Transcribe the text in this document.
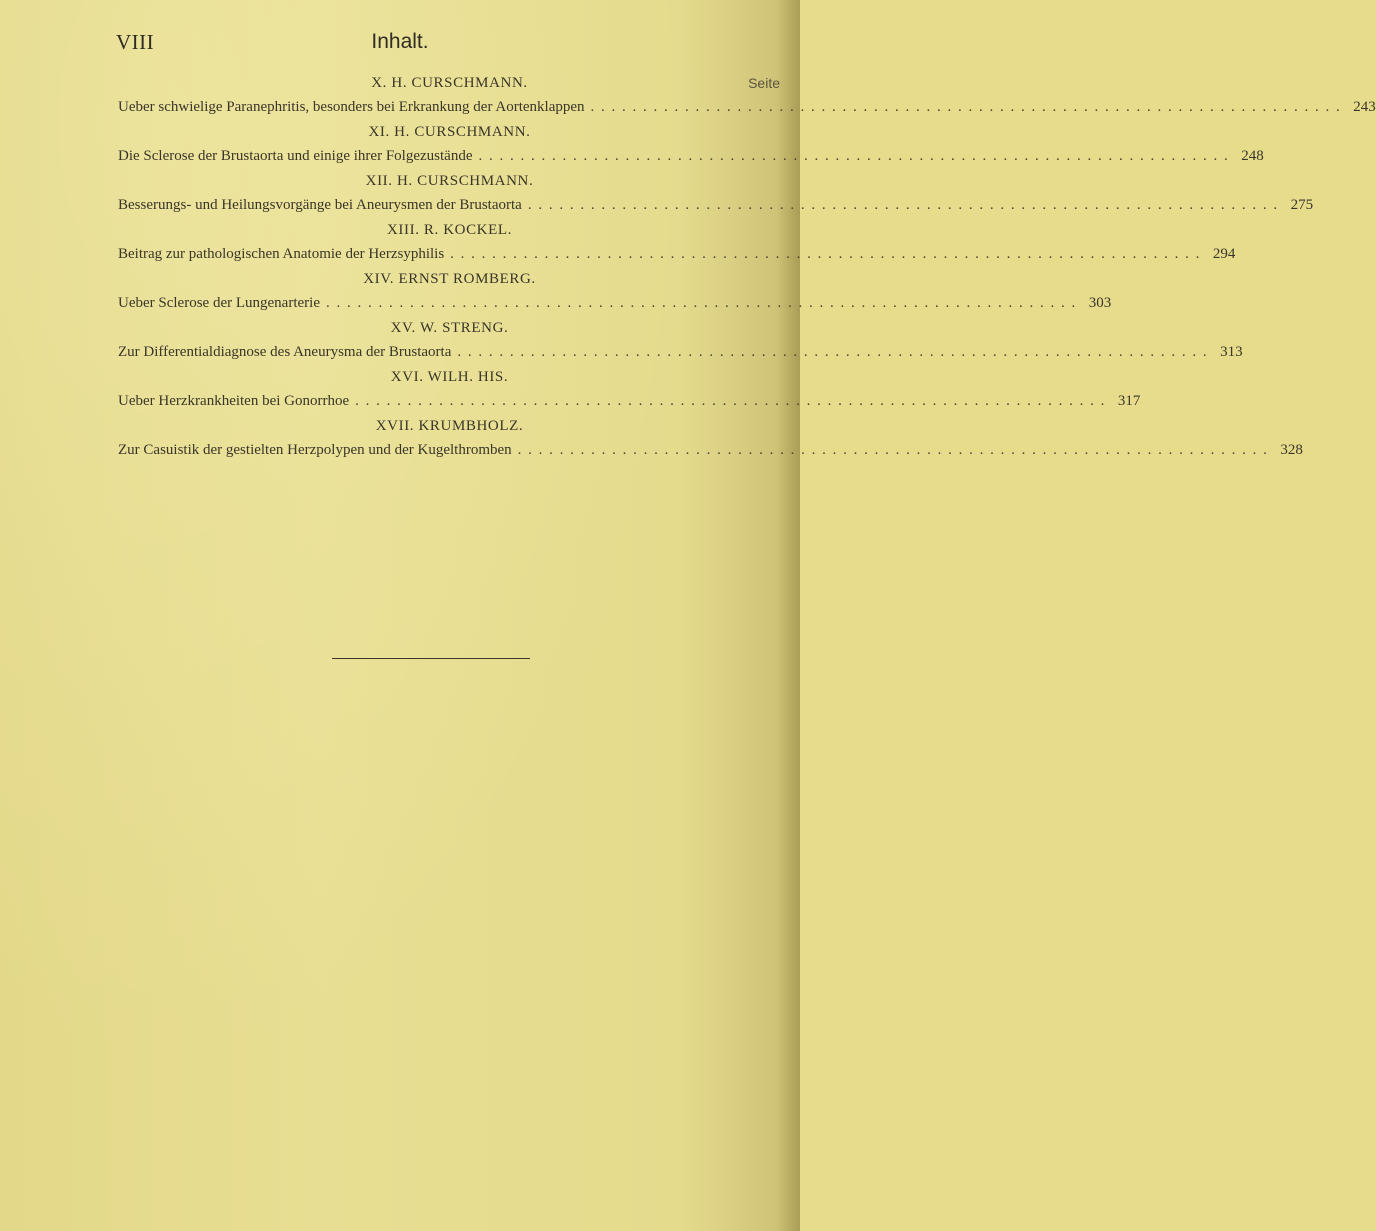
VIII	Inhalt.
Seite
X. H. CURSCHMANN.
Ueber schwielige Paranephritis, besonders bei Erkrankung der Aortenklappen . . .	243
XI. H. CURSCHMANN.
Die Sclerose der Brustaorta und einige ihrer Folgezustände . . .	248
XII. H. CURSCHMANN.
Besserungs- und Heilungsvorgänge bei Aneurysmen der Brustaorta . . .	275
XIII. R. KOCKEL.
Beitrag zur pathologischen Anatomie der Herzsyphilis . . .	294
XIV. ERNST ROMBERG.
Ueber Sclerose der Lungenarterie . . .	303
XV. W. STRENG.
Zur Differentialdiagnose des Aneurysma der Brustaorta . . .	313
XVI. WILH. HIS.
Ueber Herzkrankheiten bei Gonorrhoe . . .	317
XVII. KRUMBHOLZ.
Zur Casuistik der gestielten Herzpolypen und der Kugelthromben . . .	328
